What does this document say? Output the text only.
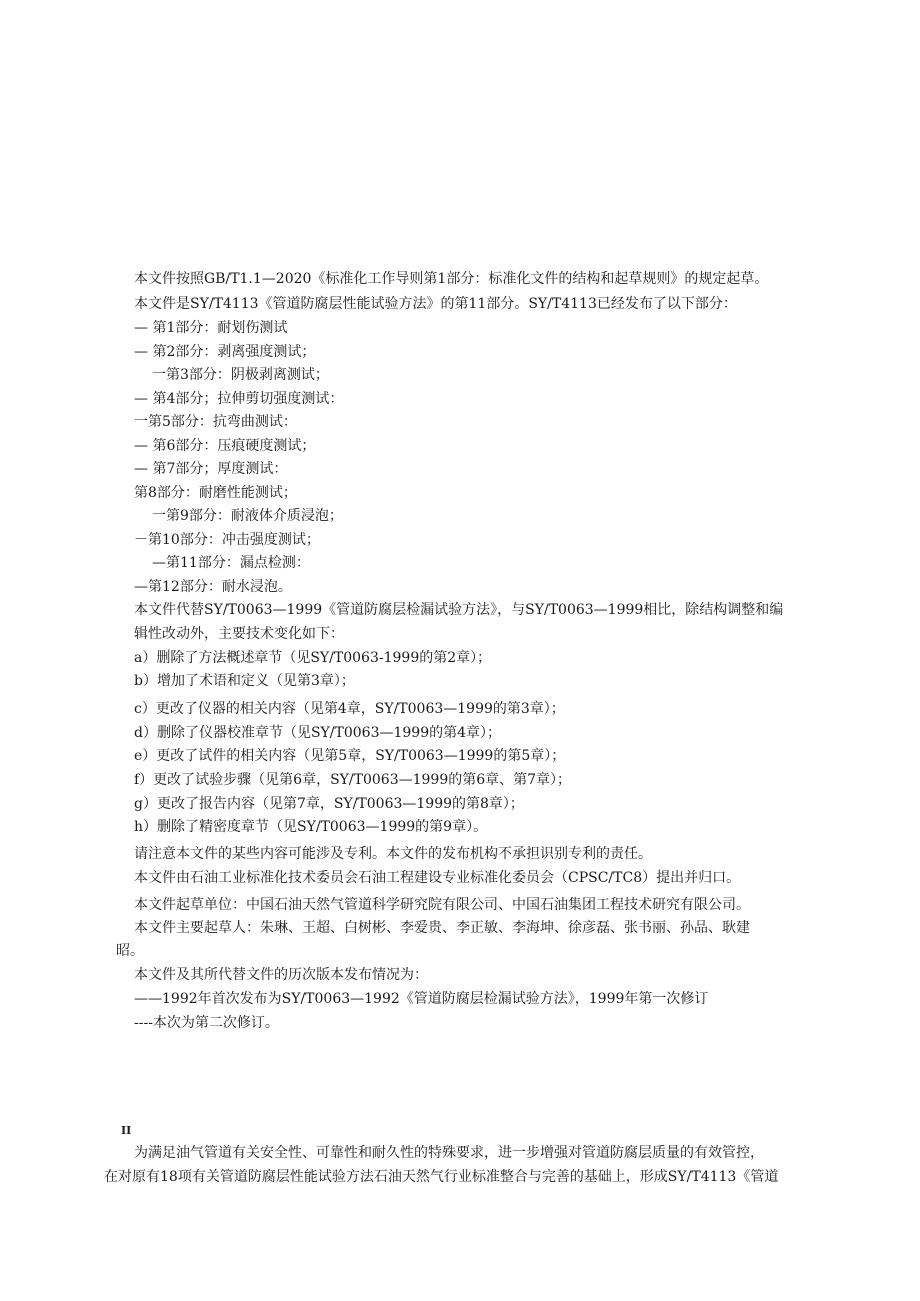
本文件按照GB/T1.1—2020《标准化工作导则第1部分：标准化文件的结构和起草规则》的规定起草。
本文件是SY/T4113《管道防腐层性能试验方法》的第11部分。SY/T4113已经发布了以下部分：
— 第1部分：耐划伤测试
— 第2部分：剥离强度测试；
一第3部分：阴极剥离测试；
— 第4部分；拉伸剪切强度测试：
一第5部分：抗弯曲测试：
— 第6部分：压痕硬度测试；
— 第7部分；厚度测试：
第8部分：耐磨性能测试；
一第9部分：耐液体介质浸泡；
－第10部分：冲击强度测试；
—第11部分：漏点检测：
—第12部分：耐水浸泡。
本文件代替SY/T0063—1999《管道防腐层检漏试验方法》，与SY/T0063—1999相比，除结构调整和编
辑性改动外，主要技术变化如下：
a）删除了方法概述章节（见SY/T0063-1999的第2章）；
b）增加了术语和定义（见第3章）；
c）更改了仪器的相关内容（见第4章，SY/T0063—1999的第3章）；
d）删除了仪器校准章节（见SY/T0063—1999的第4章）；
e）更改了试件的相关内容（见第5章，SY/T0063—1999的第5章）；
f）更改了试验步骤（见第6章，SY/T0063—1999的第6章、第7章）；
g）更改了报告内容（见第7章，SY/T0063—1999的第8章）；
h）删除了精密度章节（见SY/T0063—1999的第9章）。
请注意本文件的某些内容可能涉及专利。本文件的发布机构不承担识别专利的责任。
本文件由石油工业标准化技术委员会石油工程建设专业标准化委员会（CPSC/TC8）提出并归口。
本文件起草单位：中国石油天然气管道科学研究院有限公司、中国石油集团工程技术研究有限公司。
本文件主要起草人：朱琳、王超、白树彬、李爱贵、李正敏、李海坤、徐彦磊、张书丽、孙品、耿建
昭。
本文件及其所代替文件的历次版本发布情况为：
——1992年首次发布为SY/T0063—1992《管道防腐层检漏试验方法》，1999年第一次修订
----本次为第二次修订。
II
为满足油气管道有关安全性、可靠性和耐久性的特殊要求，进一步增强对管道防腐层质量的有效管控，
在对原有18项有关管道防腐层性能试验方法石油天然气行业标准整合与完善的基础上，形成SY/T4113《管道
